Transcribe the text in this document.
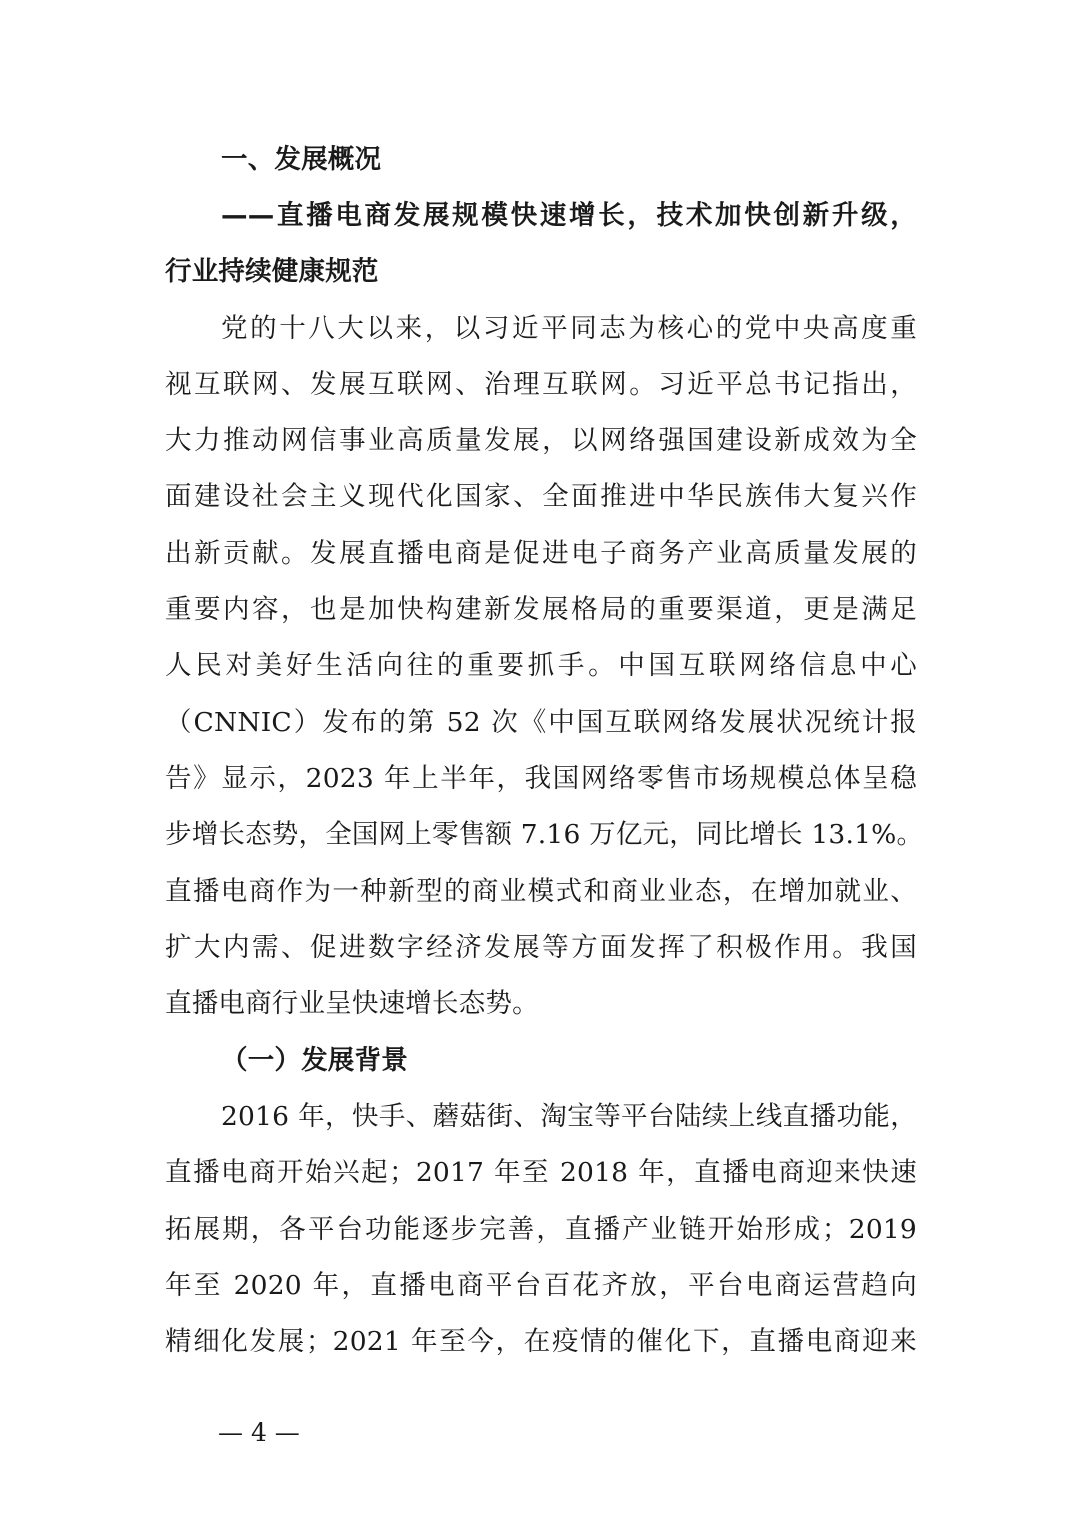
一、发展概况
——直播电商发展规模快速增长，技术加快创新升级，
行业持续健康规范
党的十八大以来，以习近平同志为核心的党中央高度重
视互联网、发展互联网、治理互联网。习近平总书记指出，
大力推动网信事业高质量发展，以网络强国建设新成效为全
面建设社会主义现代化国家、全面推进中华民族伟大复兴作
出新贡献。发展直播电商是促进电子商务产业高质量发展的
重要内容，也是加快构建新发展格局的重要渠道，更是满足
人民对美好生活向往的重要抓手。中国互联网络信息中心
（CNNIC）发布的第 52 次《中国互联网络发展状况统计报
告》显示，2023 年上半年，我国网络零售市场规模总体呈稳
步增长态势，全国网上零售额 7.16 万亿元，同比增长 13.1%。
直播电商作为一种新型的商业模式和商业业态，在增加就业、
扩大内需、促进数字经济发展等方面发挥了积极作用。我国
直播电商行业呈快速增长态势。
（一）发展背景
2016 年，快手、蘑菇街、淘宝等平台陆续上线直播功能，
直播电商开始兴起；2017 年至 2018 年，直播电商迎来快速
拓展期，各平台功能逐步完善，直播产业链开始形成；2019
年至 2020 年，直播电商平台百花齐放，平台电商运营趋向
精细化发展；2021 年至今，在疫情的催化下，直播电商迎来
— 4 —
